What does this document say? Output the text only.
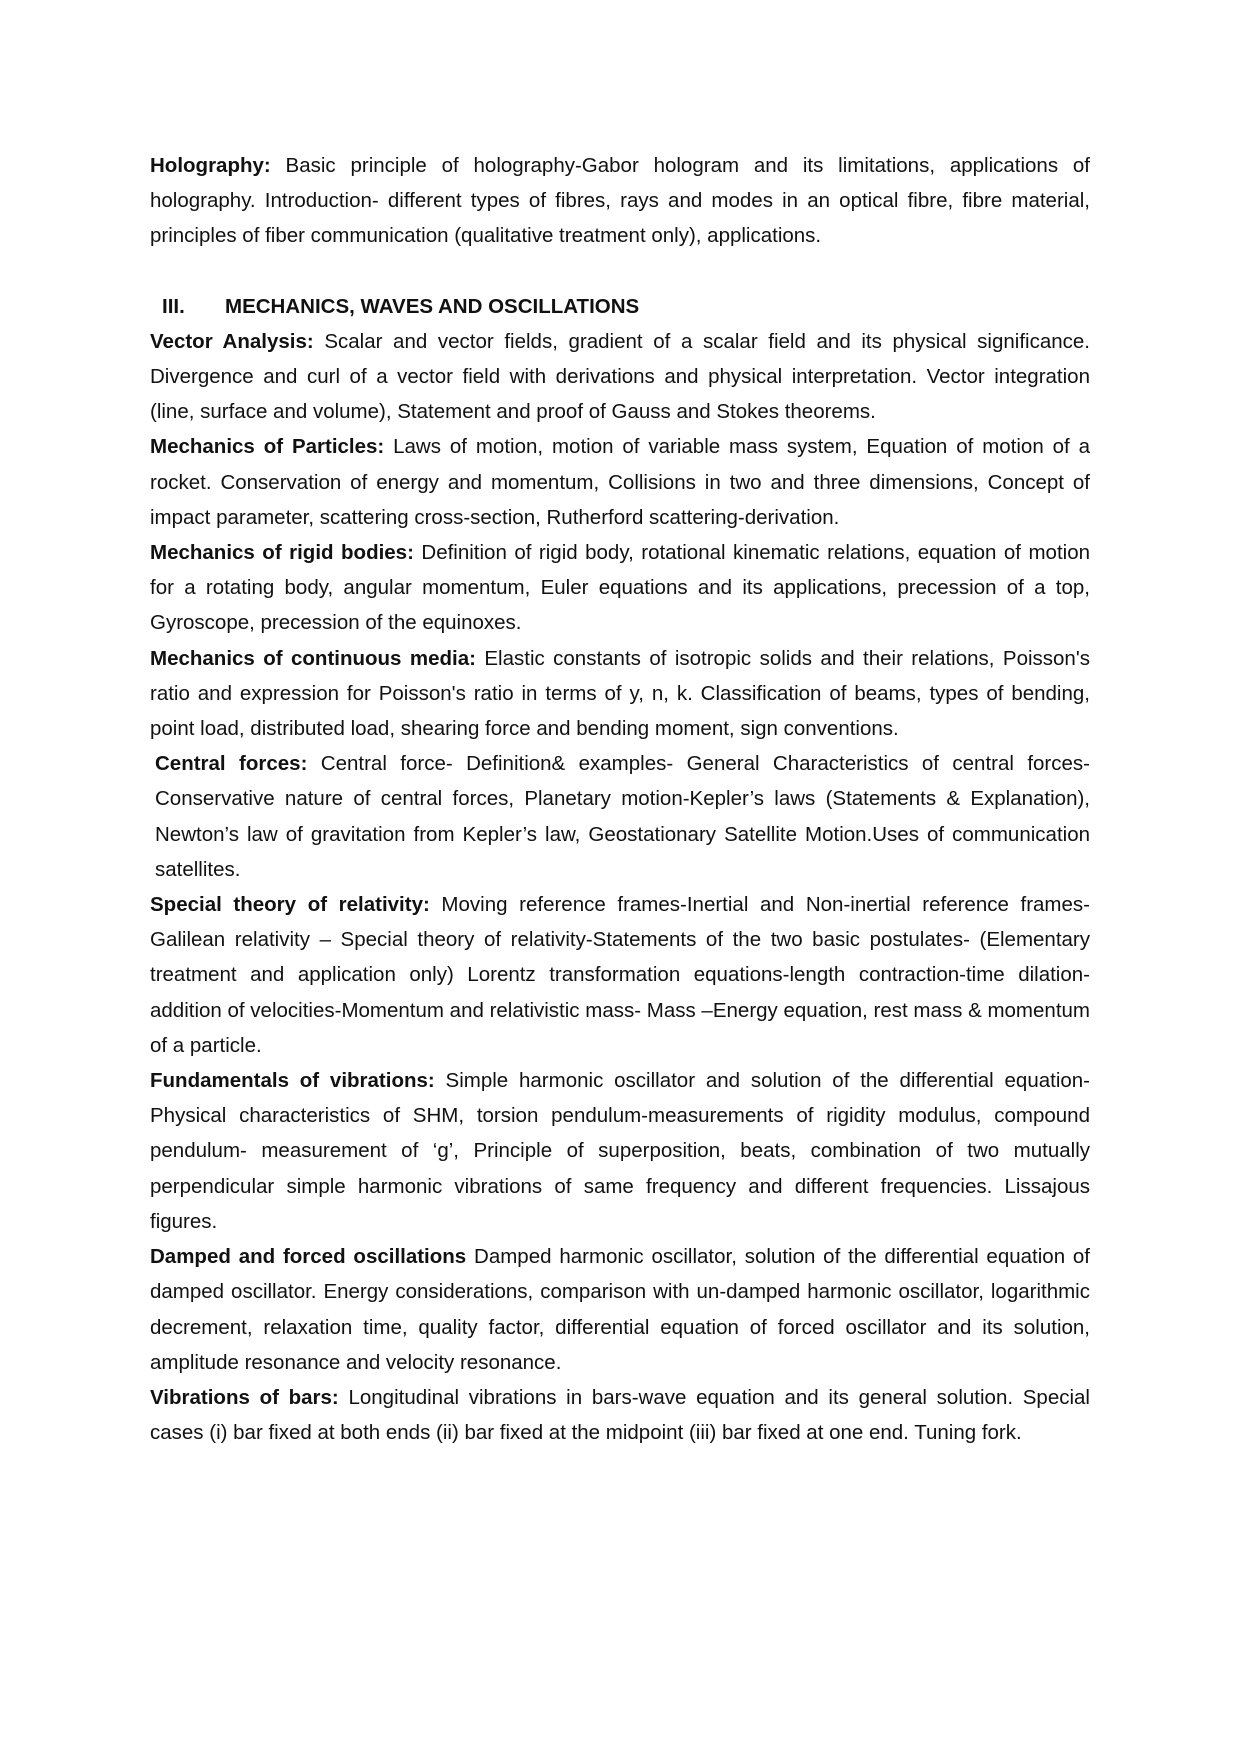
Holography: Basic principle of holography-Gabor hologram and its limitations, applications of holography. Introduction- different types of fibres, rays and modes in an optical fibre, fibre material, principles of fiber communication (qualitative treatment only), applications.

III.	MECHANICS, WAVES AND OSCILLATIONS

Vector Analysis: Scalar and vector fields, gradient of a scalar field and its physical significance. Divergence and curl of a vector field with derivations and physical interpretation. Vector integration (line, surface and volume), Statement and proof of Gauss and Stokes theorems.

Mechanics of Particles: Laws of motion, motion of variable mass system, Equation of motion of a rocket. Conservation of energy and momentum, Collisions in two and three dimensions, Concept of impact parameter, scattering cross-section, Rutherford scattering-derivation.

Mechanics of rigid bodies: Definition of rigid body, rotational kinematic relations, equation of motion for a rotating body, angular momentum, Euler equations and its applications, precession of a top, Gyroscope, precession of the equinoxes.

Mechanics of continuous media: Elastic constants of isotropic solids and their relations, Poisson's ratio and expression for Poisson's ratio in terms of y, n, k. Classification of beams, types of bending, point load, distributed load, shearing force and bending moment, sign conventions.

Central forces: Central force- Definition& examples- General Characteristics of central forces-Conservative nature of central forces, Planetary motion-Kepler’s laws (Statements & Explanation), Newton’s law of gravitation from Kepler’s law, Geostationary Satellite Motion.Uses of communication satellites.

Special theory of relativity: Moving reference frames-Inertial and Non-inertial reference frames-Galilean relativity – Special theory of relativity-Statements of the two basic postulates- (Elementary treatment and application only) Lorentz transformation equations-length contraction-time dilation- addition of velocities-Momentum and relativistic mass- Mass –Energy equation, rest mass & momentum of a particle.

Fundamentals of vibrations: Simple harmonic oscillator and solution of the differential equation-Physical characteristics of SHM, torsion pendulum-measurements of rigidity modulus, compound pendulum- measurement of ‘g’, Principle of superposition, beats, combination of two mutually perpendicular simple harmonic vibrations of same frequency and different frequencies. Lissajous figures.

Damped and forced oscillations Damped harmonic oscillator, solution of the differential equation of damped oscillator. Energy considerations, comparison with un-damped harmonic oscillator, logarithmic decrement, relaxation time, quality factor, differential equation of forced oscillator and its solution, amplitude resonance and velocity resonance.

Vibrations of bars: Longitudinal vibrations in bars-wave equation and its general solution. Special cases (i) bar fixed at both ends (ii) bar fixed at the midpoint (iii) bar fixed at one end. Tuning fork.
